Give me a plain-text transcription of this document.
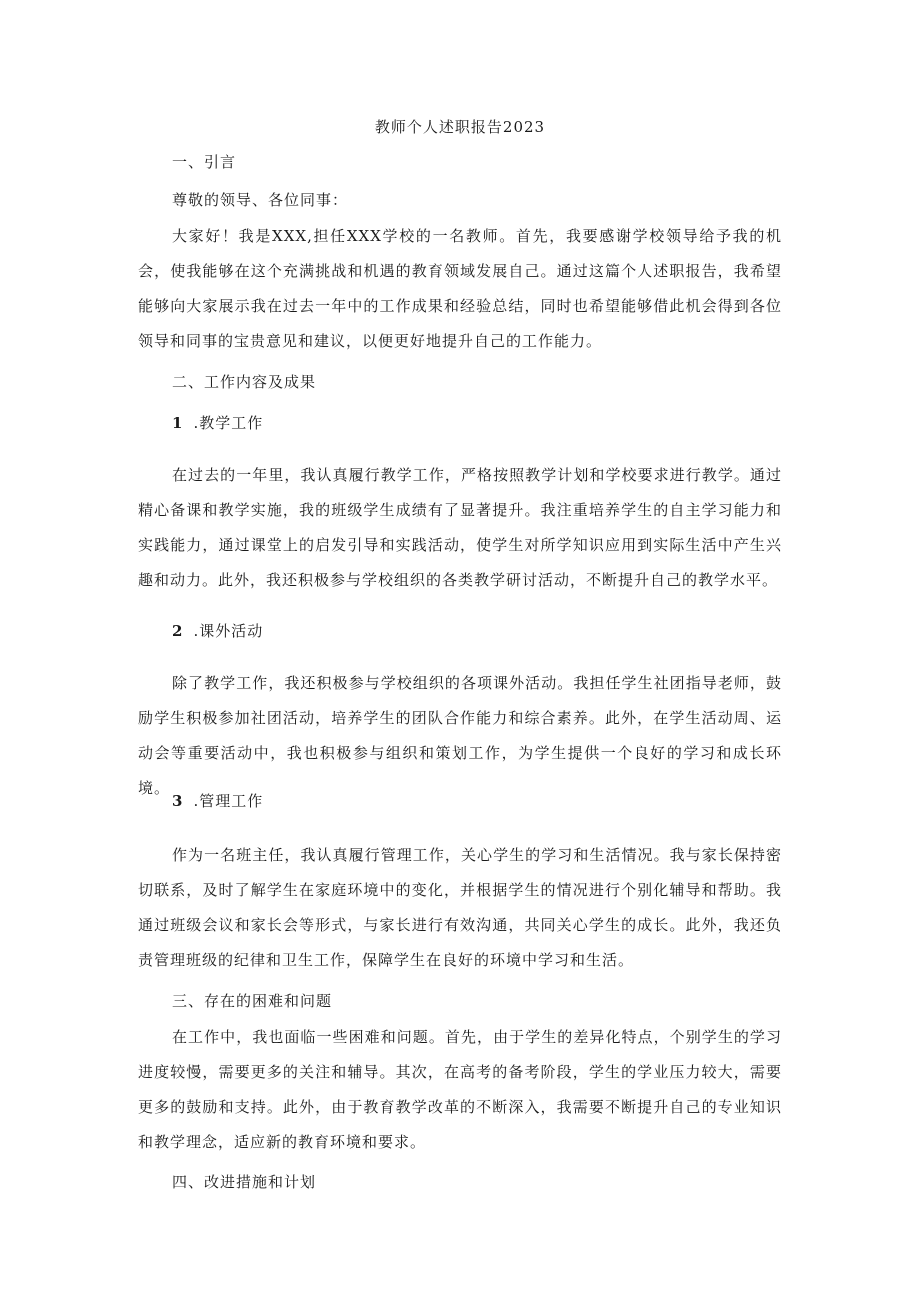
教师个人述职报告2023
一、引言
尊敬的领导、各位同事：

大家好！我是XXX,担任XXX学校的一名教师。首先，我要感谢学校领导给予我的机会，使我能够在这个充满挑战和机遇的教育领域发展自己。通过这篇个人述职报告，我希望能够向大家展示我在过去一年中的工作成果和经验总结，同时也希望能够借此机会得到各位领导和同事的宝贵意见和建议，以便更好地提升自己的工作能力。

二、工作内容及成果
1 .教学工作

在过去的一年里，我认真履行教学工作，严格按照教学计划和学校要求进行教学。通过精心备课和教学实施，我的班级学生成绩有了显著提升。我注重培养学生的自主学习能力和实践能力，通过课堂上的启发引导和实践活动，使学生对所学知识应用到实际生活中产生兴趣和动力。此外，我还积极参与学校组织的各类教学研讨活动，不断提升自己的教学水平。

2 .课外活动

除了教学工作，我还积极参与学校组织的各项课外活动。我担任学生社团指导老师，鼓励学生积极参加社团活动，培养学生的团队合作能力和综合素养。此外，在学生活动周、运动会等重要活动中，我也积极参与组织和策划工作，为学生提供一个良好的学习和成长环境。

3 .管理工作

作为一名班主任，我认真履行管理工作，关心学生的学习和生活情况。我与家长保持密切联系，及时了解学生在家庭环境中的变化，并根据学生的情况进行个别化辅导和帮助。我通过班级会议和家长会等形式，与家长进行有效沟通，共同关心学生的成长。此外，我还负责管理班级的纪律和卫生工作，保障学生在良好的环境中学习和生活。

三、存在的困难和问题

在工作中，我也面临一些困难和问题。首先，由于学生的差异化特点，个别学生的学习进度较慢，需要更多的关注和辅导。其次，在高考的备考阶段，学生的学业压力较大，需要更多的鼓励和支持。此外，由于教育教学改革的不断深入，我需要不断提升自己的专业知识和教学理念，适应新的教育环境和要求。

四、改进措施和计划
